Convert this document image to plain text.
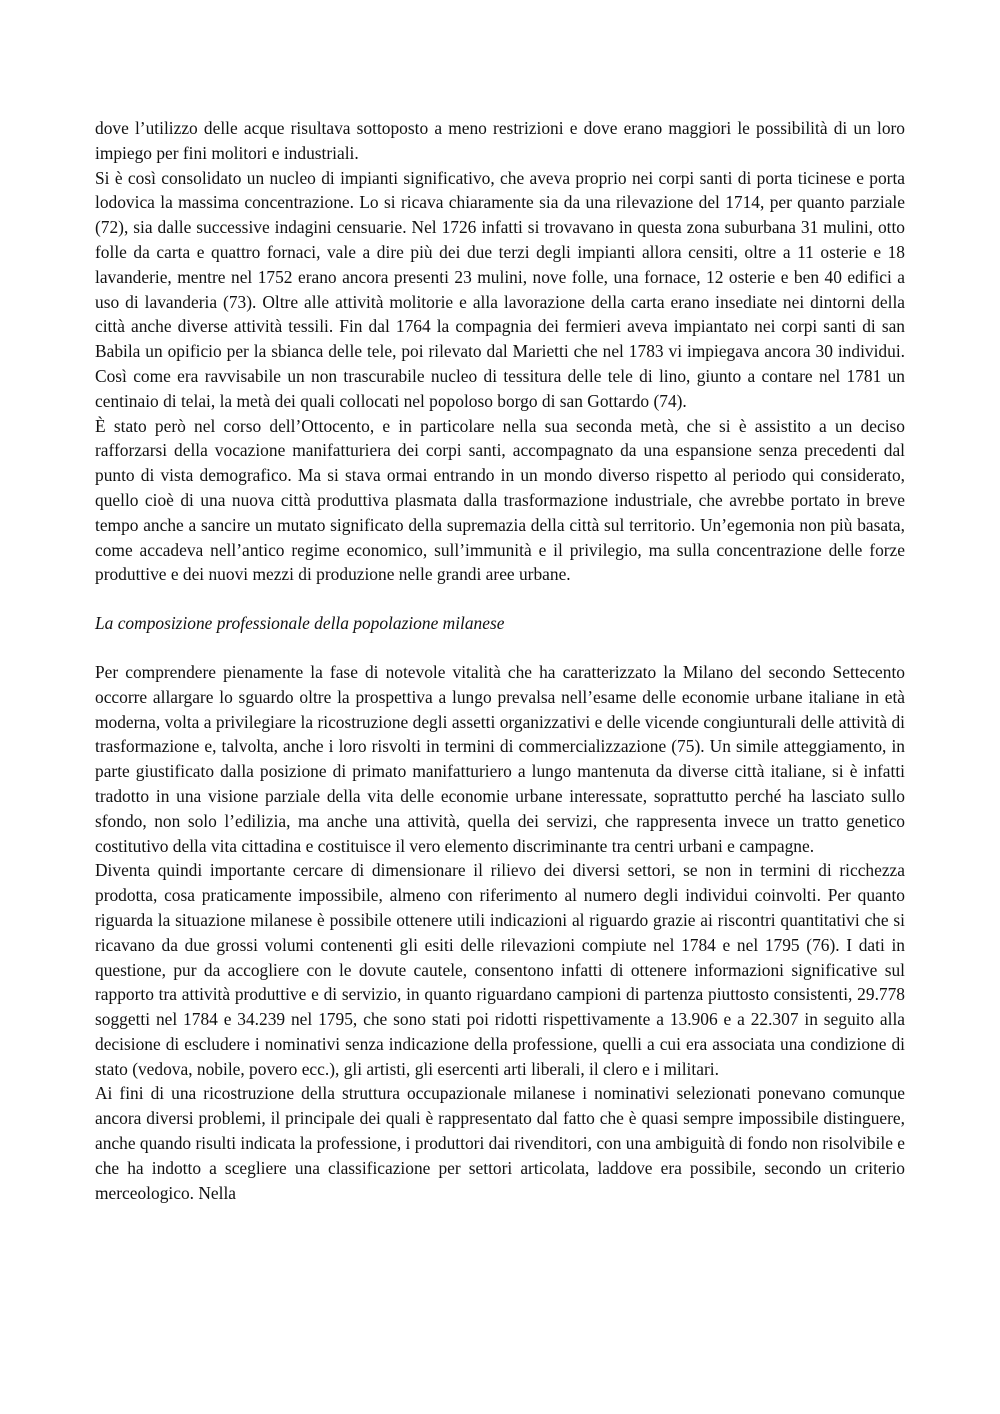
dove l’utilizzo delle acque risultava sottoposto a meno restrizioni e dove erano maggiori le possibilità di un loro impiego per fini molitori e industriali.

Si è così consolidato un nucleo di impianti significativo, che aveva proprio nei corpi santi di porta ticinese e porta lodovica la massima concentrazione. Lo si ricava chiaramente sia da una rilevazione del 1714, per quanto parziale (72), sia dalle successive indagini censuarie. Nel 1726 infatti si trovavano in questa zona suburbana 31 mulini, otto folle da carta e quattro fornaci, vale a dire più dei due terzi degli impianti allora censiti, oltre a 11 osterie e 18 lavanderie, mentre nel 1752 erano ancora presenti 23 mulini, nove folle, una fornace, 12 osterie e ben 40 edifici a uso di lavanderia (73). Oltre alle attività molitorie e alla lavorazione della carta erano insediate nei dintorni della città anche diverse attività tessili. Fin dal 1764 la compagnia dei fermieri aveva impiantato nei corpi santi di san Babila un opificio per la sbianca delle tele, poi rilevato dal Marietti che nel 1783 vi impiegava ancora 30 individui. Così come era ravvisabile un non trascurabile nucleo di tessitura delle tele di lino, giunto a contare nel 1781 un centinaio di telai, la metà dei quali collocati nel popoloso borgo di san Gottardo (74).

È stato però nel corso dell’Ottocento, e in particolare nella sua seconda metà, che si è assistito a un deciso rafforzarsi della vocazione manifatturiera dei corpi santi, accompagnato da una espansione senza precedenti dal punto di vista demografico. Ma si stava ormai entrando in un mondo diverso rispetto al periodo qui considerato, quello cioè di una nuova città produttiva plasmata dalla trasformazione industriale, che avrebbe portato in breve tempo anche a sancire un mutato significato della supremazia della città sul territorio. Un’egemonia non più basata, come accadeva nell’antico regime economico, sull’immunità e il privilegio, ma sulla concentrazione delle forze produttive e dei nuovi mezzi di produzione nelle grandi aree urbane.

La composizione professionale della popolazione milanese

Per comprendere pienamente la fase di notevole vitalità che ha caratterizzato la Milano del secondo Settecento occorre allargare lo sguardo oltre la prospettiva a lungo prevalsa nell’esame delle economie urbane italiane in età moderna, volta a privilegiare la ricostruzione degli assetti organizzativi e delle vicende congiunturali delle attività di trasformazione e, talvolta, anche i loro risvolti in termini di commercializzazione (75). Un simile atteggiamento, in parte giustificato dalla posizione di primato manifatturiero a lungo mantenuta da diverse città italiane, si è infatti tradotto in una visione parziale della vita delle economie urbane interessate, soprattutto perché ha lasciato sullo sfondo, non solo l’edilizia, ma anche una attività, quella dei servizi, che rappresenta invece un tratto genetico costitutivo della vita cittadina e costituisce il vero elemento discriminante tra centri urbani e campagne.

Diventa quindi importante cercare di dimensionare il rilievo dei diversi settori, se non in termini di ricchezza prodotta, cosa praticamente impossibile, almeno con riferimento al numero degli individui coinvolti. Per quanto riguarda la situazione milanese è possibile ottenere utili indicazioni al riguardo grazie ai riscontri quantitativi che si ricavano da due grossi volumi contenenti gli esiti delle rilevazioni compiute nel 1784 e nel 1795 (76). I dati in questione, pur da accogliere con le dovute cautele, consentono infatti di ottenere informazioni significative sul rapporto tra attività produttive e di servizio, in quanto riguardano campioni di partenza piuttosto consistenti, 29.778 soggetti nel 1784 e 34.239 nel 1795, che sono stati poi ridotti rispettivamente a 13.906 e a 22.307 in seguito alla decisione di escludere i nominativi senza indicazione della professione, quelli a cui era associata una condizione di stato (vedova, nobile, povero ecc.), gli artisti, gli esercenti arti liberali, il clero e i militari.

Ai fini di una ricostruzione della struttura occupazionale milanese i nominativi selezionati ponevano comunque ancora diversi problemi, il principale dei quali è rappresentato dal fatto che è quasi sempre impossibile distinguere, anche quando risulti indicata la professione, i produttori dai rivenditori, con una ambiguità di fondo non risolvibile e che ha indotto a scegliere una classificazione per settori articolata, laddove era possibile, secondo un criterio merceologico. Nella
